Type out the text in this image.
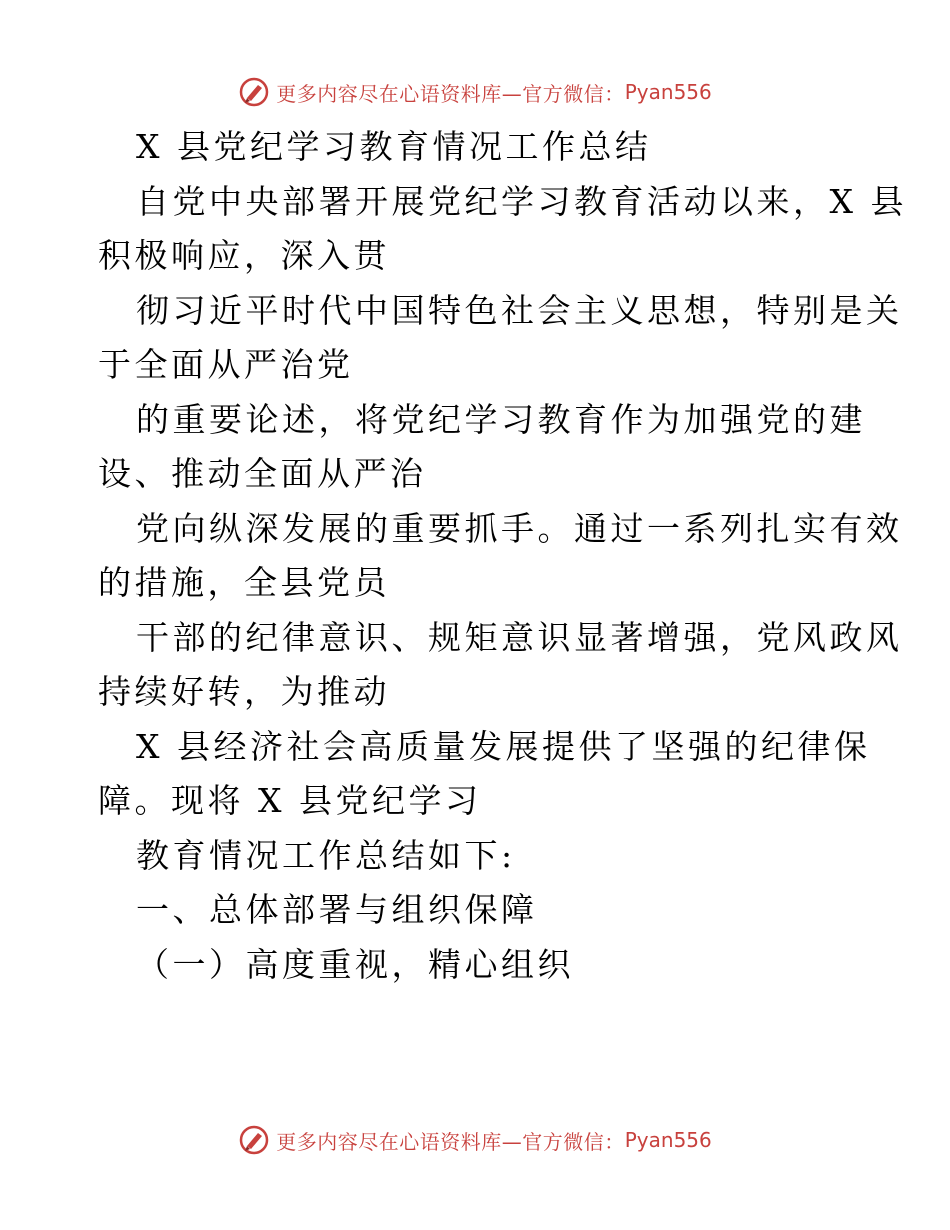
更多内容尽在心语资料库—官方微信： Pyan556
X 县党纪学习教育情况工作总结
自党中央部署开展党纪学习教育活动以来，X 县
积极响应，深入贯
彻习近平时代中国特色社会主义思想，特别是关
于全面从严治党
的重要论述，将党纪学习教育作为加强党的建
设、推动全面从严治
党向纵深发展的重要抓手。通过一系列扎实有效
的措施，全县党员
干部的纪律意识、规矩意识显著增强，党风政风
持续好转，为推动
X 县经济社会高质量发展提供了坚强的纪律保
障。现将 X 县党纪学习
教育情况工作总结如下:
一、总体部署与组织保障
（一）高度重视，精心组织
更多内容尽在心语资料库—官方微信： Pyan556
